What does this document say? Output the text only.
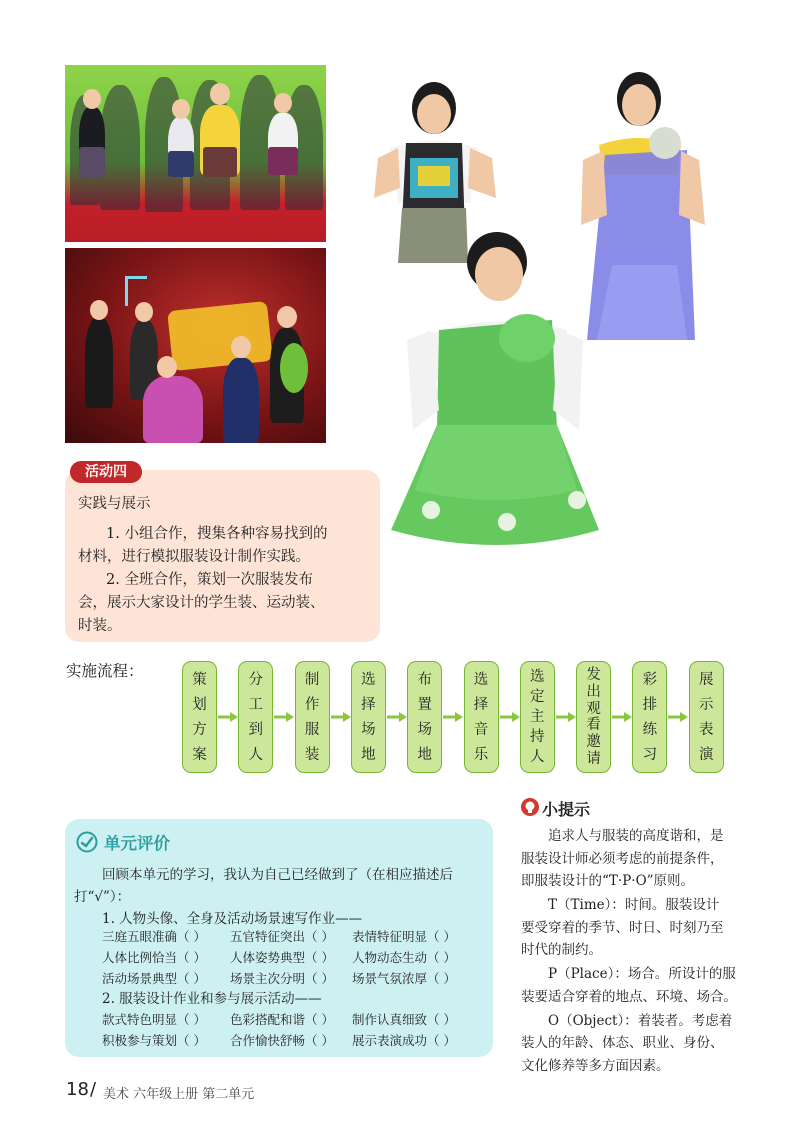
活动四
实践与展示
1. 小组合作，搜集各种容易找到的
材料，进行模拟服装设计制作实践。
2. 全班合作，策划一次服装发布
会，展示大家设计的学生装、运动装、
时装。
实施流程：	策
划
方
案
分
工
到
人
制
作
服
装
选
择
场
地
布
置
场
地
选
择
音
乐
选
定
主
持
人
发
出
观
看
邀
请
彩
排
练
习
展
示
表
演
单元评价
回顾本单元的学习，我认为自己已经做到了（在相应描述后
打“√”）：
1. 人物头像、全身及活动场景速写作业——
三庭五眼准确（ ） 五官特征突出（ ） 表情特征明显（ ）
人体比例恰当（ ） 人体姿势典型（ ） 人物动态生动（ ）
活动场景典型（ ） 场景主次分明（ ） 场景气氛浓厚（ ）
2. 服装设计作业和参与展示活动——
款式特色明显（ ） 色彩搭配和谐（ ） 制作认真细致（ ）
积极参与策划（ ） 合作愉快舒畅（ ） 展示表演成功（ ）
小提示
追求人与服装的高度谐和，是
服装设计师必须考虑的前提条件，
即服装设计的“T·P·O”原则。
T（Time）：时间。服装设计
要受穿着的季节、时日、时刻乃至
时代的制约。
P（Place）：场合。所设计的服
装要适合穿着的地点、环境、场合。
O（Object）：着装者。考虑着
装人的年龄、体态、职业、身份、
文化修养等多方面因素。
18 / 美术 六年级上册 第二单元
